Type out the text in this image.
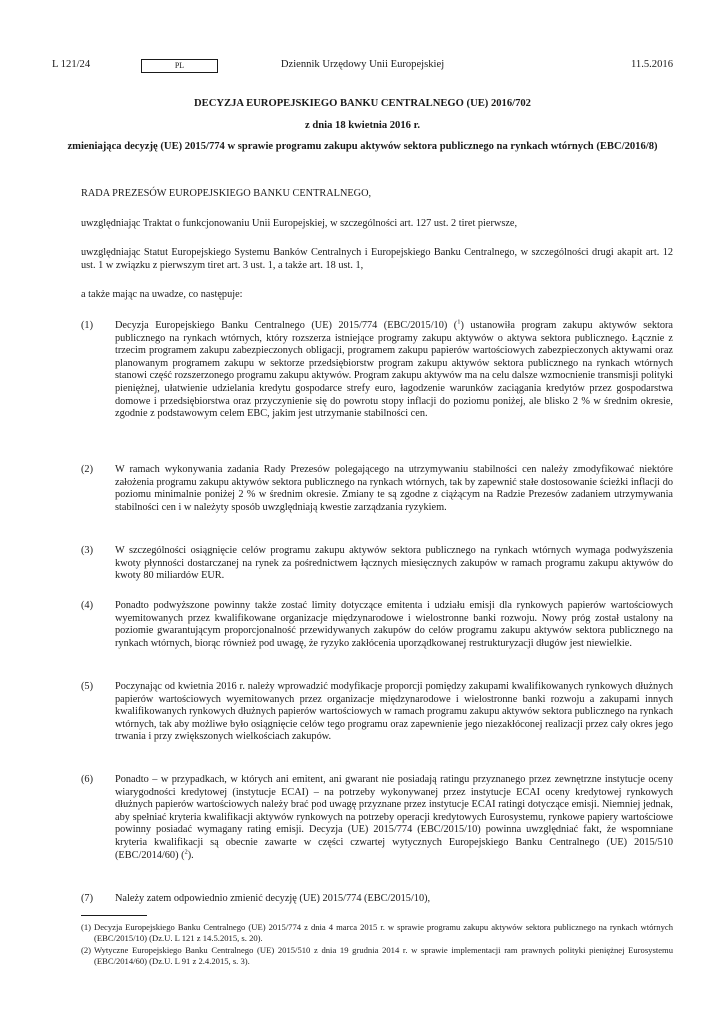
Dziennik Urzędowy Unii Europejskiej
L 121/24	PL	11.5.2016
DECYZJA EUROPEJSKIEGO BANKU CENTRALNEGO (UE) 2016/702
z dnia 18 kwietnia 2016 r.
zmieniająca decyzję (UE) 2015/774 w sprawie programu zakupu aktywów sektora publicznego na rynkach wtórnych (EBC/2016/8)
RADA PREZESÓW EUROPEJSKIEGO BANKU CENTRALNEGO,
uwzględniając Traktat o funkcjonowaniu Unii Europejskiej, w szczególności art. 127 ust. 2 tiret pierwsze,
uwzględniając Statut Europejskiego Systemu Banków Centralnych i Europejskiego Banku Centralnego, w szczególności drugi akapit art. 12 ust. 1 w związku z pierwszym tiret art. 3 ust. 1, a także art. 18 ust. 1,
a także mając na uwadze, co następuje:
(1) Decyzja Europejskiego Banku Centralnego (UE) 2015/774 (EBC/2015/10) ($^1$) ustanowiła program zakupu aktywów sektora publicznego na rynkach wtórnych, który rozszerza istniejące programy zakupu aktywów o aktywa sektora publicznego. Łącznie z trzecim programem zakupu zabezpieczonych obligacji, programem zakupu papierów wartościowych zabezpieczonych aktywami oraz planowanym programem zakupu w sektorze przedsiębiorstw program zakupu aktywów sektora publicznego na rynkach wtórnych stanowi część rozszerzonego programu zakupu aktywów. Program zakupu aktywów ma na celu dalsze wzmocnienie transmisji polityki pieniężnej, ułatwienie udzielania kredytu gospodarce strefy euro, łagodzenie warunków zaciągania kredytów przez gospodarstwa domowe i przedsiębiorstwa oraz przyczynienie się do powrotu stopy inflacji do poziomu poniżej, ale blisko 2 % w średnim okresie, zgodnie z podstawowym celem EBC, jakim jest utrzymanie stabilności cen.
(2) W ramach wykonywania zadania Rady Prezesów polegającego na utrzymywaniu stabilności cen należy zmodyfikować niektóre założenia programu zakupu aktywów sektora publicznego na rynkach wtórnych, tak by zapewnić stałe dostosowanie ścieżki inflacji do poziomu minimalnie poniżej 2 % w średnim okresie. Zmiany te są zgodne z ciążącym na Radzie Prezesów zadaniem utrzymywania stabilności cen i w należyty sposób uwzględniają kwestie zarządzania ryzykiem.
(3) W szczególności osiągnięcie celów programu zakupu aktywów sektora publicznego na rynkach wtórnych wymaga podwyższenia kwoty płynności dostarczanej na rynek za pośrednictwem łącznych miesięcznych zakupów w ramach programu zakupu aktywów do kwoty 80 miliardów EUR.
(4) Ponadto podwyższone powinny także zostać limity dotyczące emitenta i udziału emisji dla rynkowych papierów wartościowych wyemitowanych przez kwalifikowane organizacje międzynarodowe i wielostronne banki rozwoju. Nowy próg został ustalony na poziomie gwarantującym proporcjonalność przewidywanych zakupów do celów programu zakupu aktywów sektora publicznego na rynkach wtórnych, biorąc również pod uwagę, że ryzyko zakłócenia uporządkowanej restrukturyzacji długów jest niewielkie.
(5) Poczynając od kwietnia 2016 r. należy wprowadzić modyfikacje proporcji pomiędzy zakupami kwalifikowanych rynkowych dłużnych papierów wartościowych wyemitowanych przez organizacje międzynarodowe i wielostronne banki rozwoju a zakupami innych kwalifikowanych rynkowych dłużnych papierów wartościowych w ramach programu zakupu aktywów sektora publicznego na rynkach wtórnych, tak aby możliwe było osiągnięcie celów tego programu oraz zapewnienie jego niezakłóconej realizacji przez cały okres jego trwania i przy zwiększonych wielkościach zakupów.
(6) Ponadto – w przypadkach, w których ani emitent, ani gwarant nie posiadają ratingu przyznanego przez zewnętrzne instytucje oceny wiarygodności kredytowej (instytucje ECAI) – na potrzeby wykonywanej przez instytucje ECAI oceny kredytowej rynkowych dłużnych papierów wartościowych należy brać pod uwagę przyznane przez instytucje ECAI ratingi dotyczące emisji. Niemniej jednak, aby spełniać kryteria kwalifikacji aktywów rynkowych na potrzeby operacji kredytowych Eurosystemu, rynkowe papiery wartościowe powinny posiadać wymagany rating emisji. Decyzja (UE) 2015/774 (EBC/2015/10) powinna uwzględniać fakt, że wspomniane kryteria kwalifikacji są obecnie zawarte w części czwartej wytycznych Europejskiego Banku Centralnego (UE) 2015/510 (EBC/2014/60) ($^2$).
(7) Należy zatem odpowiednio zmienić decyzję (UE) 2015/774 (EBC/2015/10),
(1) Decyzja Europejskiego Banku Centralnego (UE) 2015/774 z dnia 4 marca 2015 r. w sprawie programu zakupu aktywów sektora publicznego na rynkach wtórnych (EBC/2015/10) (Dz.U. L 121 z 14.5.2015, s. 20).
(2) Wytyczne Europejskiego Banku Centralnego (UE) 2015/510 z dnia 19 grudnia 2014 r. w sprawie implementacji ram prawnych polityki pieniężnej Eurosystemu (EBC/2014/60) (Dz.U. L 91 z 2.4.2015, s. 3).
